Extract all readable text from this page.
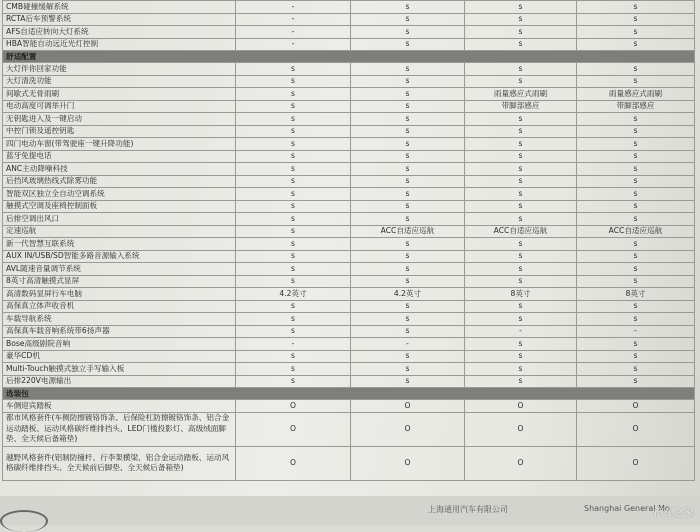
CMB碰撞缓解系统	-	s	s	s
RCTA后车预警系统	-	s	s	s
AFS自适应转向大灯系统	-	s	s	s
HBA智能自动远近光灯控制	-	s	s	s
舒适配置				
大灯伴你回家功能	s	s	s	s
大灯清洗功能	s	s	s	s
间歇式无骨雨刷	s	s	雨量感应式雨刷	雨量感应式雨刷
电动高度可调举升门	s	s	带脚部感应	带脚部感应
无钥匙进入及一键启动	s	s	s	s
中控门锁及遥控钥匙	s	s	s	s
四门电动车窗(带驾驶座一键升降功能)	s	s	s	s
蓝牙免提电话	s	s	s	s
ANC主动降噪科技	s	s	s	s
后挡风玻璃热线式除雾功能	s	s	s	s
智能双区独立全自动空调系统	s	s	s	s
触摸式空调及座椅控制面板	s	s	s	s
后排空调出风口	s	s	s	s
定速巡航	s	ACC自适应巡航	ACC自适应巡航	ACC自适应巡航
新一代智慧互联系统	s	s	s	s
AUX IN/USB/SD智能多路音源输入系统	s	s	s	s
AVL随速音量调节系统	s	s	s	s
8英寸高清触摸式显屏	s	s	s	s
高清数码显屏行车电脑	4.2英寸	4.2英寸	8英寸	8英寸
高保真立体声收音机	s	s	s	s
车载导航系统	s	s	s	s
高保真车载音响系统带6扬声器	s	s	-	-
Bose高级剧院音响	-	-	s	s
豪华CD机	s	s	s	s
Multi-Touch触摸式独立手写输入板	s	s	s	s
后排220V电源输出	s	s	s	s
选装包				
车侧迎宾踏板	O	O	O	O
都市风格套件(车侧防擦镀铬饰条、后保险杠防擦镀铬饰条、铝合金运动踏板、运动风格碳纤维排挡头、LED门槛投影灯、高级绒面脚垫、全天候后备箱垫)	O	O	O	O
越野风格套件(铝制防撞杆、行李架横梁、铝合金运动踏板、运动风格碳纤维排挡头、全天候前后脚垫、全天候后备箱垫)	O	O	O	O
上海通用汽车有限公司	Shanghai General Mo
汽车之家
